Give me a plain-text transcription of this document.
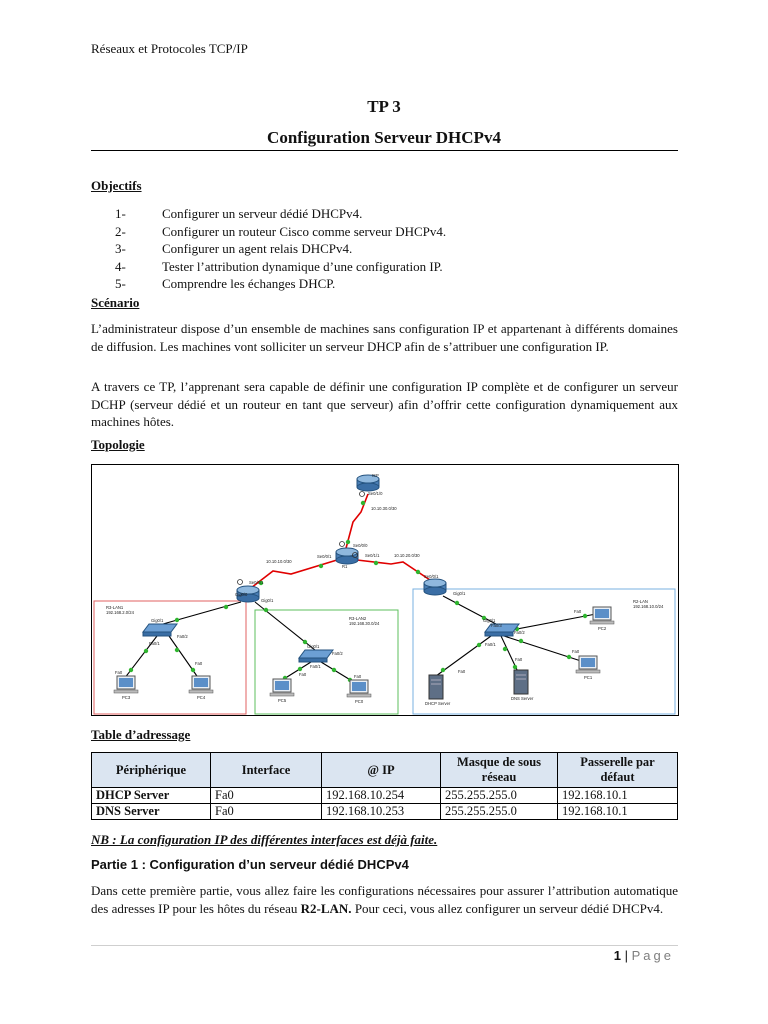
Réseaux et Protocoles TCP/IP
TP 3
Configuration Serveur DHCPv4
Objectifs
1-	Configurer un serveur dédié DHCPv4.
2-	Configurer un routeur Cisco comme serveur DHCPv4.
3-	Configurer un agent relais DHCPv4.
4-	Tester l’attribution dynamique d’une configuration IP.
5-	Comprendre les échanges DHCP.
Scénario

L’administrateur dispose d’un ensemble de machines sans configuration IP et appartenant à différents domaines de diffusion. Les machines vont solliciter un serveur DHCP afin de s’attribuer une configuration IP.

A travers ce TP, l’apprenant sera capable de définir une configuration IP complète et de configurer un serveur DCHP (serveur dédié et un routeur en tant que serveur) afin d’offrir cette configuration dynamiquement aux machines hôtes.

Topologie
ISP
Se0/1/0
10.10.30.0/30
Se0/0/0
Se0/0/1	Se0/1/1
R1
10.10.10.0/30
10.10.20.0/30
Se0/0/1
Gig0/0
Gig0/1
Se0/0/1
Gig0/1
R3-LAN1
192.168.2.0/24
R3-LAN2
192.168.30.0/24
R2-LAN
192.168.10.0/24
Gig0/1
Fa0/1
Fa0/2
Gig0/1
Fa0/2
Fa0/1
Gig0/1
Fa0/3
Fa0/2
Fa0/1
Fa0
Fa0
Fa0	Fa0
Fa0
Fa0
Fa0
Fa0
PC3	PC4
PC5	PC0
PC2
PC1
DHCP Server
DNS Server
Table d’adressage
Périphérique	Interface	@ IP	Masque de sous réseau	Passerelle par défaut
DHCP Server	Fa0	192.168.10.254	255.255.255.0	192.168.10.1
DNS Server	Fa0	192.168.10.253	255.255.255.0	192.168.10.1
NB : La configuration IP des différentes interfaces est déjà faite.
Partie 1 : Configuration d’un serveur dédié DHCPv4

Dans cette première partie, vous allez faire les configurations nécessaires pour assurer l’attribution automatique des adresses IP pour les hôtes du réseau R2-LAN. Pour ceci, vous allez configurer un serveur dédié DHCPv4.

1 | Page
